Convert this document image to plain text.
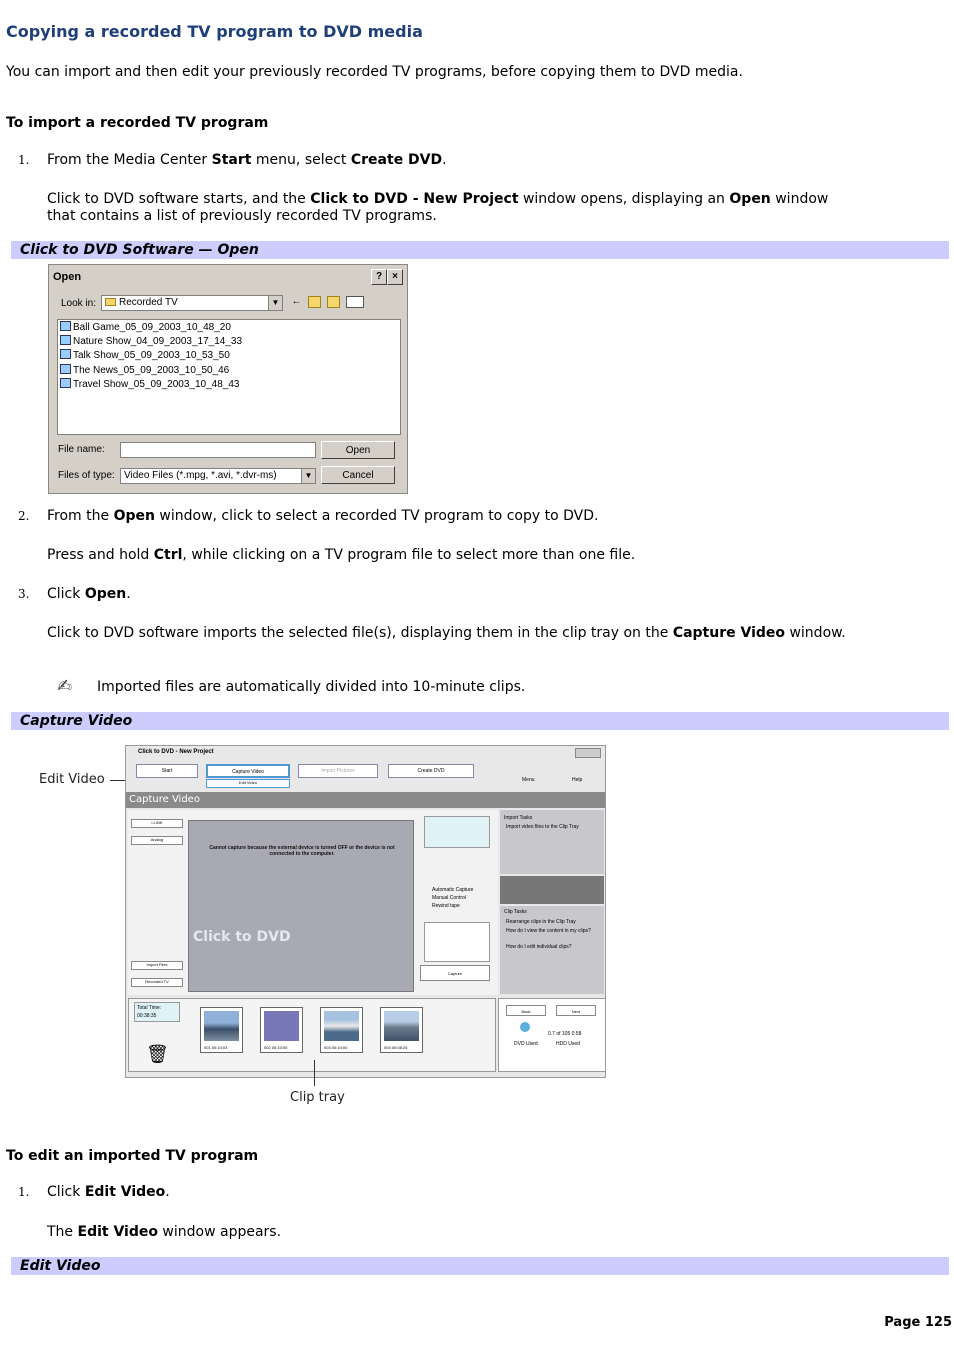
Copying a recorded TV program to DVD media
You can import and then edit your previously recorded TV programs, before copying them to DVD media.
To import a recorded TV program
1. From the Media Center Start menu, select Create DVD.
Click to DVD software starts, and the Click to DVD - New Project window opens, displaying an Open window
that contains a list of previously recorded TV programs.
Click to DVD Software — Open
Open	?	×
Look in:	Recorded TV	▼ ←
Ball Game_05_09_2003_10_48_20
Nature Show_04_09_2003_17_14_33
Talk Show_05_09_2003_10_53_50
The News_05_09_2003_10_50_46
Travel Show_05_09_2003_10_48_43
File name:	Open
Files of type: Video Files (*.mpg, *.avi, *.dvr-ms)	▼	Cancel
2. From the Open window, click to select a recorded TV program to copy to DVD.
Press and hold Ctrl, while clicking on a TV program file to select more than one file.
3. Click Open.
Click to DVD software imports the selected file(s), displaying them in the clip tray on the Capture Video window.
✍ Imported files are automatically divided into 10-minute clips.
Capture Video
Edit Video
Click to DVD - New Project
Start	Capture Video	Import Pictures	Create DVD
Edit Video	Menu	Help
Capture Video
i.LINK
Analog
Cannot capture because the external device is turned OFF or the device is not connected to the computer.
Click to DVD
Import Files
Recorded TV
Automatic Capture
Manual Control
Rewind tape
Capture
Import Tasks
Import video files to the Clip Tray
Clip Tasks
Rearrange clips in the Clip Tray
How do I view the content in my clips?
How do I edit individual clips?
Total Time:
00:38:35
🗑	001 00:10:03	002 00:10:00	003 00:10:00	004 00:08:25
Back	Next
0.7 of 105 0.58
DVD Used	HDD Used
Clip tray
To edit an imported TV program
1. Click Edit Video.
The Edit Video window appears.
Edit Video
Page 125
